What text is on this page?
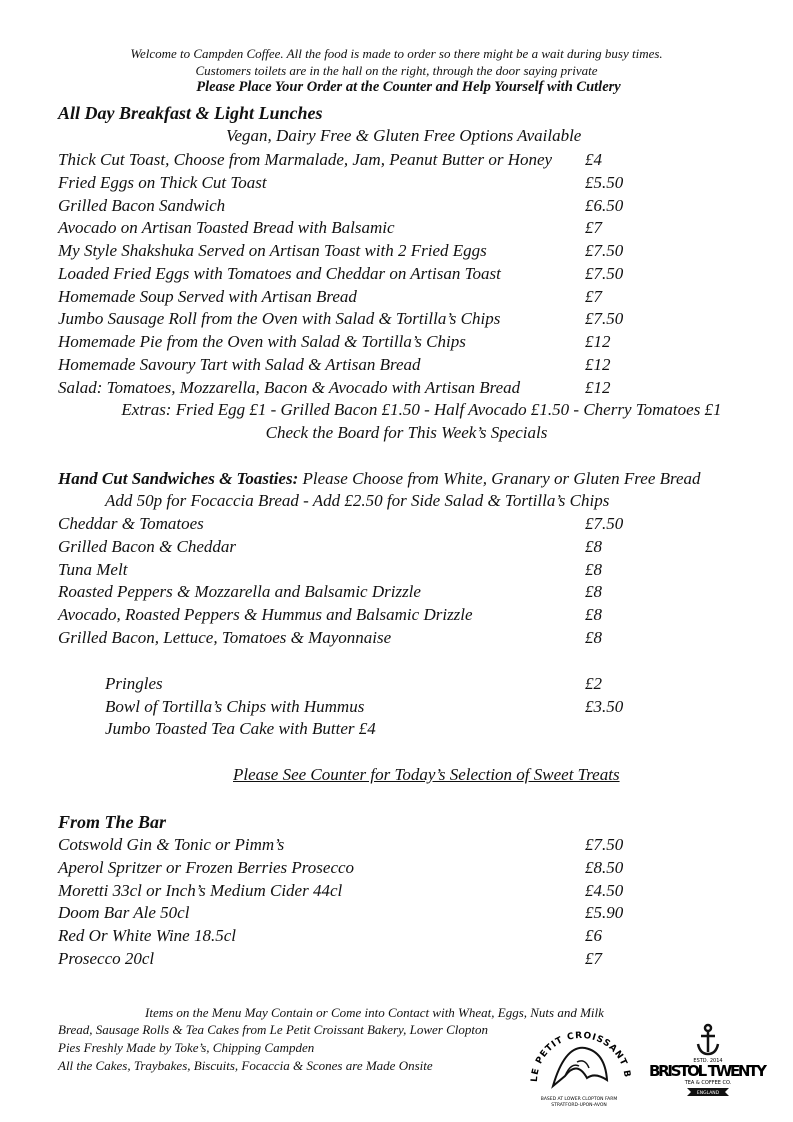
Welcome to Campden Coffee. All the food is made to order so there might be a wait during busy times.
Customers toilets are in the hall on the right, through the door saying private
Please Place Your Order at the Counter and Help Yourself with Cutlery
All Day Breakfast & Light Lunches
Vegan, Dairy Free & Gluten Free Options Available
Thick Cut Toast, Choose from Marmalade, Jam, Peanut Butter or Honey £4
Fried Eggs on Thick Cut Toast	£5.50
Grilled Bacon Sandwich	£6.50
Avocado on Artisan Toasted Bread with Balsamic	£7
My Style Shakshuka Served on Artisan Toast with 2 Fried Eggs	£7.50
Loaded Fried Eggs with Tomatoes and Cheddar on Artisan Toast	£7.50
Homemade Soup Served with Artisan Bread	£7
Jumbo Sausage Roll from the Oven with Salad & Tortilla’s Chips	£7.50
Homemade Pie from the Oven with Salad & Tortilla’s Chips	£12
Homemade Savoury Tart with Salad & Artisan Bread	£12
Salad: Tomatoes, Mozzarella, Bacon & Avocado with Artisan Bread	£12
Extras: Fried Egg £1 - Grilled Bacon £1.50 - Half Avocado £1.50 - Cherry Tomatoes £1
Check the Board for This Week’s Specials
Hand Cut Sandwiches & Toasties: Please Choose from White, Granary or Gluten Free Bread
Add 50p for Focaccia Bread - Add £2.50 for Side Salad & Tortilla’s Chips
Cheddar & Tomatoes	£7.50
Grilled Bacon & Cheddar	£8
Tuna Melt	£8
Roasted Peppers & Mozzarella and Balsamic Drizzle	£8
Avocado, Roasted Peppers & Hummus and Balsamic Drizzle	£8
Grilled Bacon, Lettuce, Tomatoes & Mayonnaise	£8
Pringles	£2
Bowl of Tortilla’s Chips with Hummus	£3.50
Jumbo Toasted Tea Cake with Butter £4
Please See Counter for Today’s Selection of Sweet Treats
From The Bar
Cotswold Gin & Tonic or Pimm’s	£7.50
Aperol Spritzer or Frozen Berries Prosecco	£8.50
Moretti 33cl or Inch’s Medium Cider 44cl	£4.50
Doom Bar Ale 50cl	£5.90
Red Or White Wine 18.5cl	£6
Prosecco 20cl	£7
Items on the Menu May Contain or Come into Contact with Wheat, Eggs, Nuts and Milk
Bread, Sausage Rolls & Tea Cakes from Le Petit Croissant Bakery, Lower Clopton
Pies Freshly Made by Toke’s, Chipping Campden
All the Cakes, Traybakes, Biscuits, Focaccia & Scones are Made Onsite
LE PETIT CROISSANT B
BASED AT LOWER CLOPTON FARM
STRATFORD-UPON-AVON
ESTD. 2014
BRISTOL TWENTY
TEA & COFFEE CO.
ENGLAND
